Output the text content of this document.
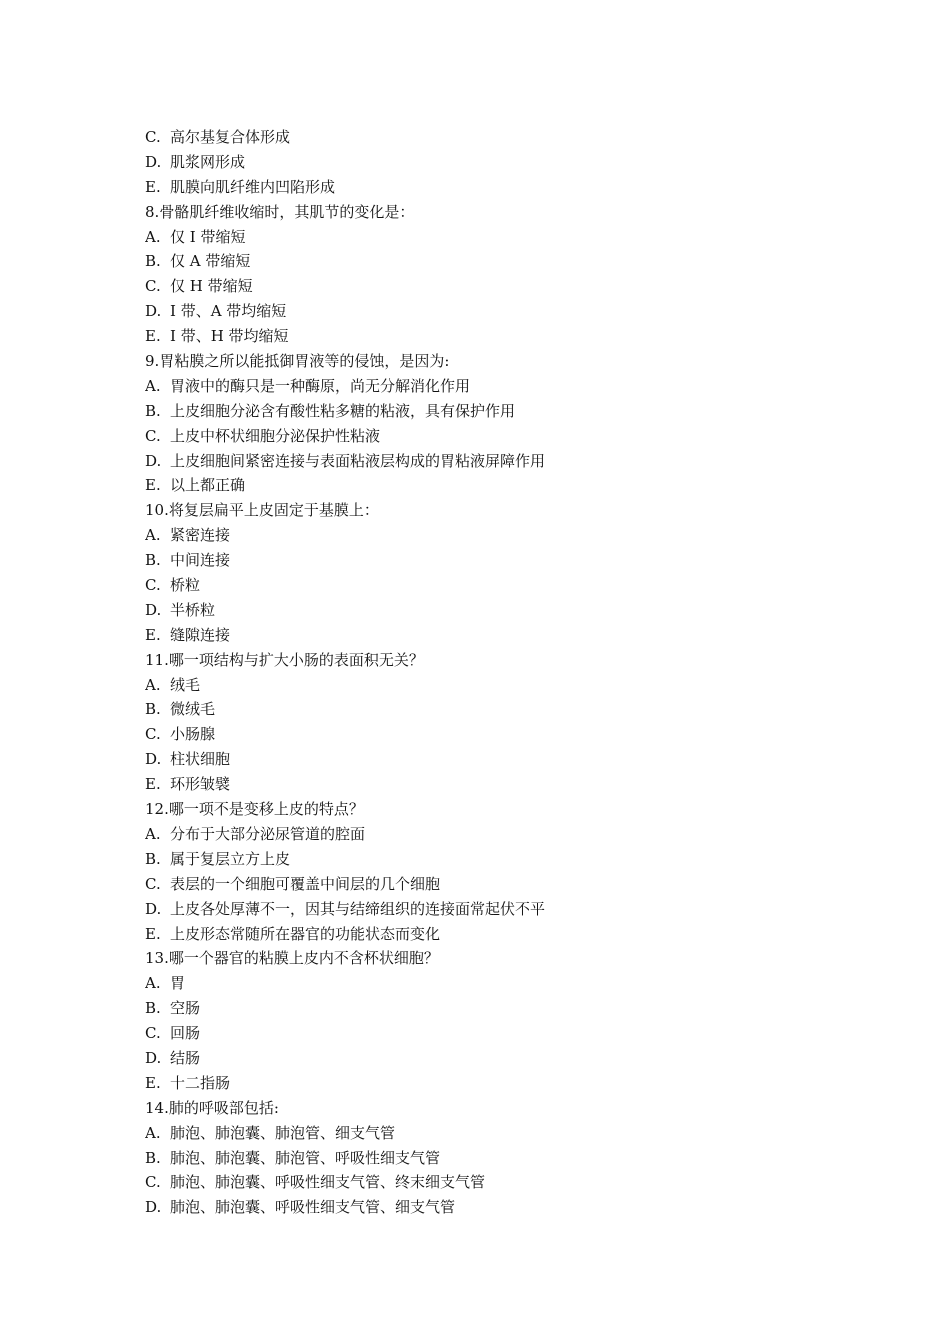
C. 高尔基复合体形成
D. 肌浆网形成
E. 肌膜向肌纤维内凹陷形成
8.骨骼肌纤维收缩时，其肌节的变化是：
A. 仅 I 带缩短
B. 仅 A 带缩短
C. 仅 H 带缩短
D. I 带、A 带均缩短
E. I 带、H 带均缩短
9.胃粘膜之所以能抵御胃液等的侵蚀，是因为:
A. 胃液中的酶只是一种酶原，尚无分解消化作用
B. 上皮细胞分泌含有酸性粘多糖的粘液，具有保护作用
C. 上皮中杯状细胞分泌保护性粘液
D. 上皮细胞间紧密连接与表面粘液层构成的胃粘液屏障作用
E. 以上都正确
10.将复层扁平上皮固定于基膜上：
A. 紧密连接
B. 中间连接
C. 桥粒
D. 半桥粒
E. 缝隙连接
11.哪一项结构与扩大小肠的表面积无关？
A. 绒毛
B. 微绒毛
C. 小肠腺
D. 柱状细胞
E. 环形皱襞
12.哪一项不是变移上皮的特点？
A. 分布于大部分泌尿管道的腔面
B. 属于复层立方上皮
C. 表层的一个细胞可覆盖中间层的几个细胞
D. 上皮各处厚薄不一，因其与结缔组织的连接面常起伏不平
E. 上皮形态常随所在器官的功能状态而变化
13.哪一个器官的粘膜上皮内不含杯状细胞？
A. 胃
B. 空肠
C. 回肠
D. 结肠
E. 十二指肠
14.肺的呼吸部包括:
A. 肺泡、肺泡囊、肺泡管、细支气管
B. 肺泡、肺泡囊、肺泡管、呼吸性细支气管
C. 肺泡、肺泡囊、呼吸性细支气管、终末细支气管
D. 肺泡、肺泡囊、呼吸性细支气管、细支气管
